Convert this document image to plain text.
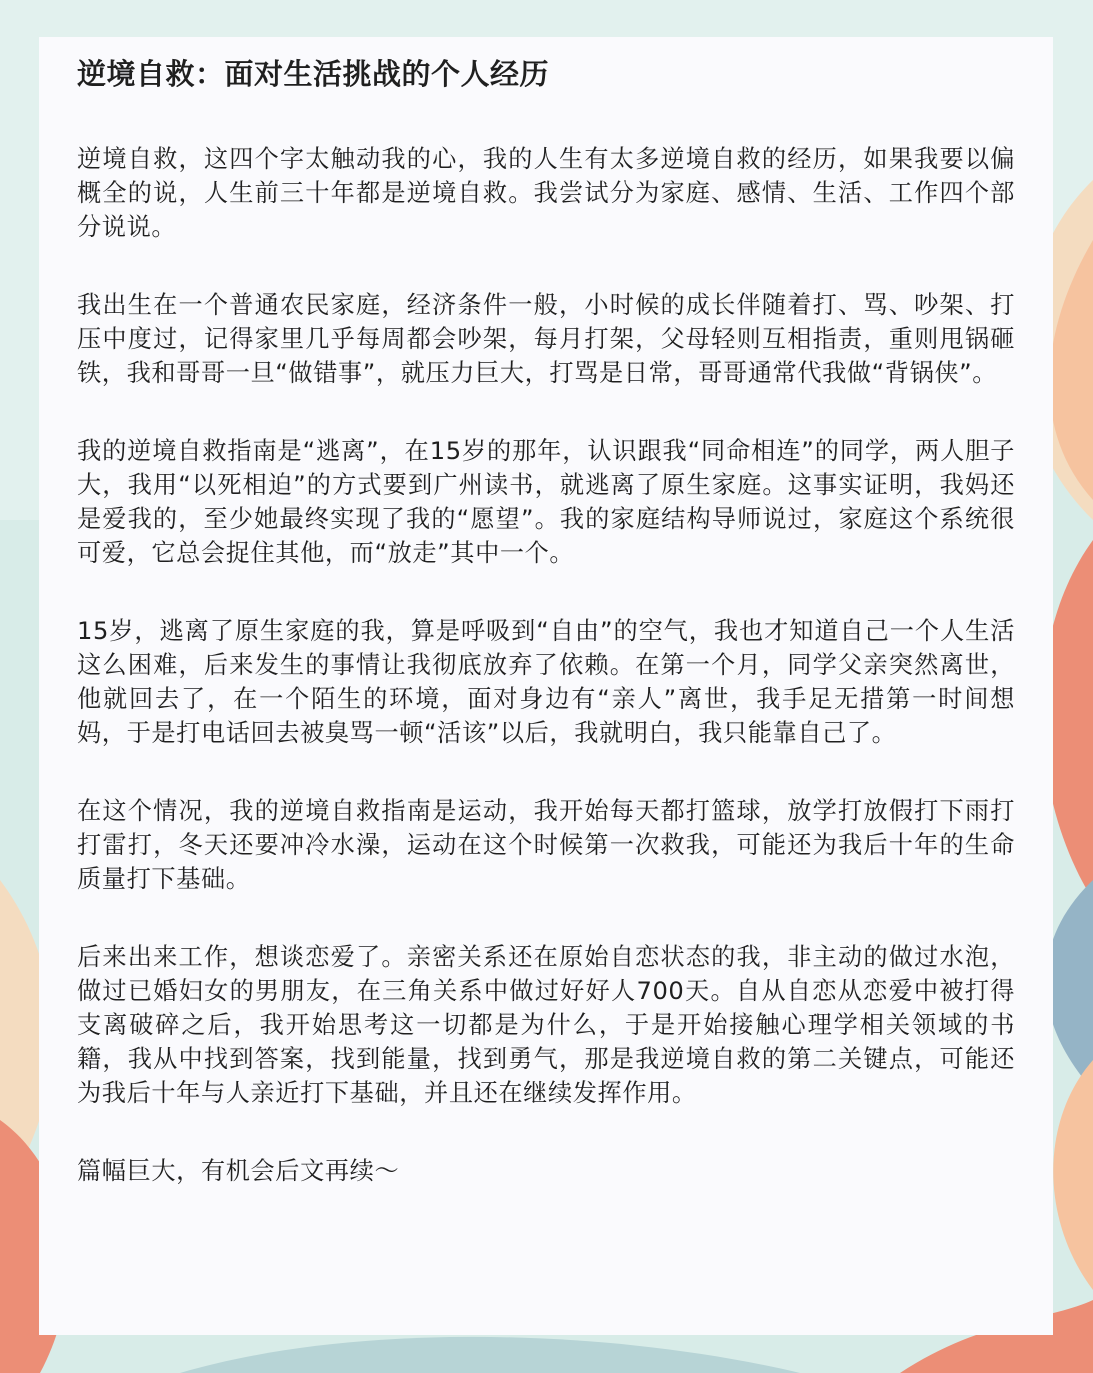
逆境自救：面对生活挑战的个人经历

逆境自救，这四个字太触动我的心，我的人生有太多逆境自救的经历，如果我要以偏概全的说，人生前三十年都是逆境自救。我尝试分为家庭、感情、生活、工作四个部分说说。

我出生在一个普通农民家庭，经济条件一般，小时候的成长伴随着打、骂、吵架、打压中度过，记得家里几乎每周都会吵架，每月打架，父母轻则互相指责，重则甩锅砸铁，我和哥哥一旦“做错事”，就压力巨大，打骂是日常，哥哥通常代我做“背锅侠”。

我的逆境自救指南是“逃离”，在15岁的那年，认识跟我“同命相连”的同学，两人胆子大，我用“以死相迫”的方式要到广州读书，就逃离了原生家庭。这事实证明，我妈还是爱我的，至少她最终实现了我的“愿望”。我的家庭结构导师说过，家庭这个系统很可爱，它总会捉住其他，而“放走”其中一个。

15岁，逃离了原生家庭的我，算是呼吸到“自由”的空气，我也才知道自己一个人生活这么困难，后来发生的事情让我彻底放弃了依赖。在第一个月，同学父亲突然离世，他就回去了，在一个陌生的环境，面对身边有“亲人”离世，我手足无措第一时间想妈，于是打电话回去被臭骂一顿“活该”以后，我就明白，我只能靠自己了。

在这个情况，我的逆境自救指南是运动，我开始每天都打篮球，放学打放假打下雨打打雷打，冬天还要冲冷水澡，运动在这个时候第一次救我，可能还为我后十年的生命质量打下基础。

后来出来工作，想谈恋爱了。亲密关系还在原始自恋状态的我，非主动的做过水泡，做过已婚妇女的男朋友，在三角关系中做过好好人700天。自从自恋从恋爱中被打得支离破碎之后，我开始思考这一切都是为什么，于是开始接触心理学相关领域的书籍，我从中找到答案，找到能量，找到勇气，那是我逆境自救的第二关键点，可能还为我后十年与人亲近打下基础，并且还在继续发挥作用。

篇幅巨大，有机会后文再续～
